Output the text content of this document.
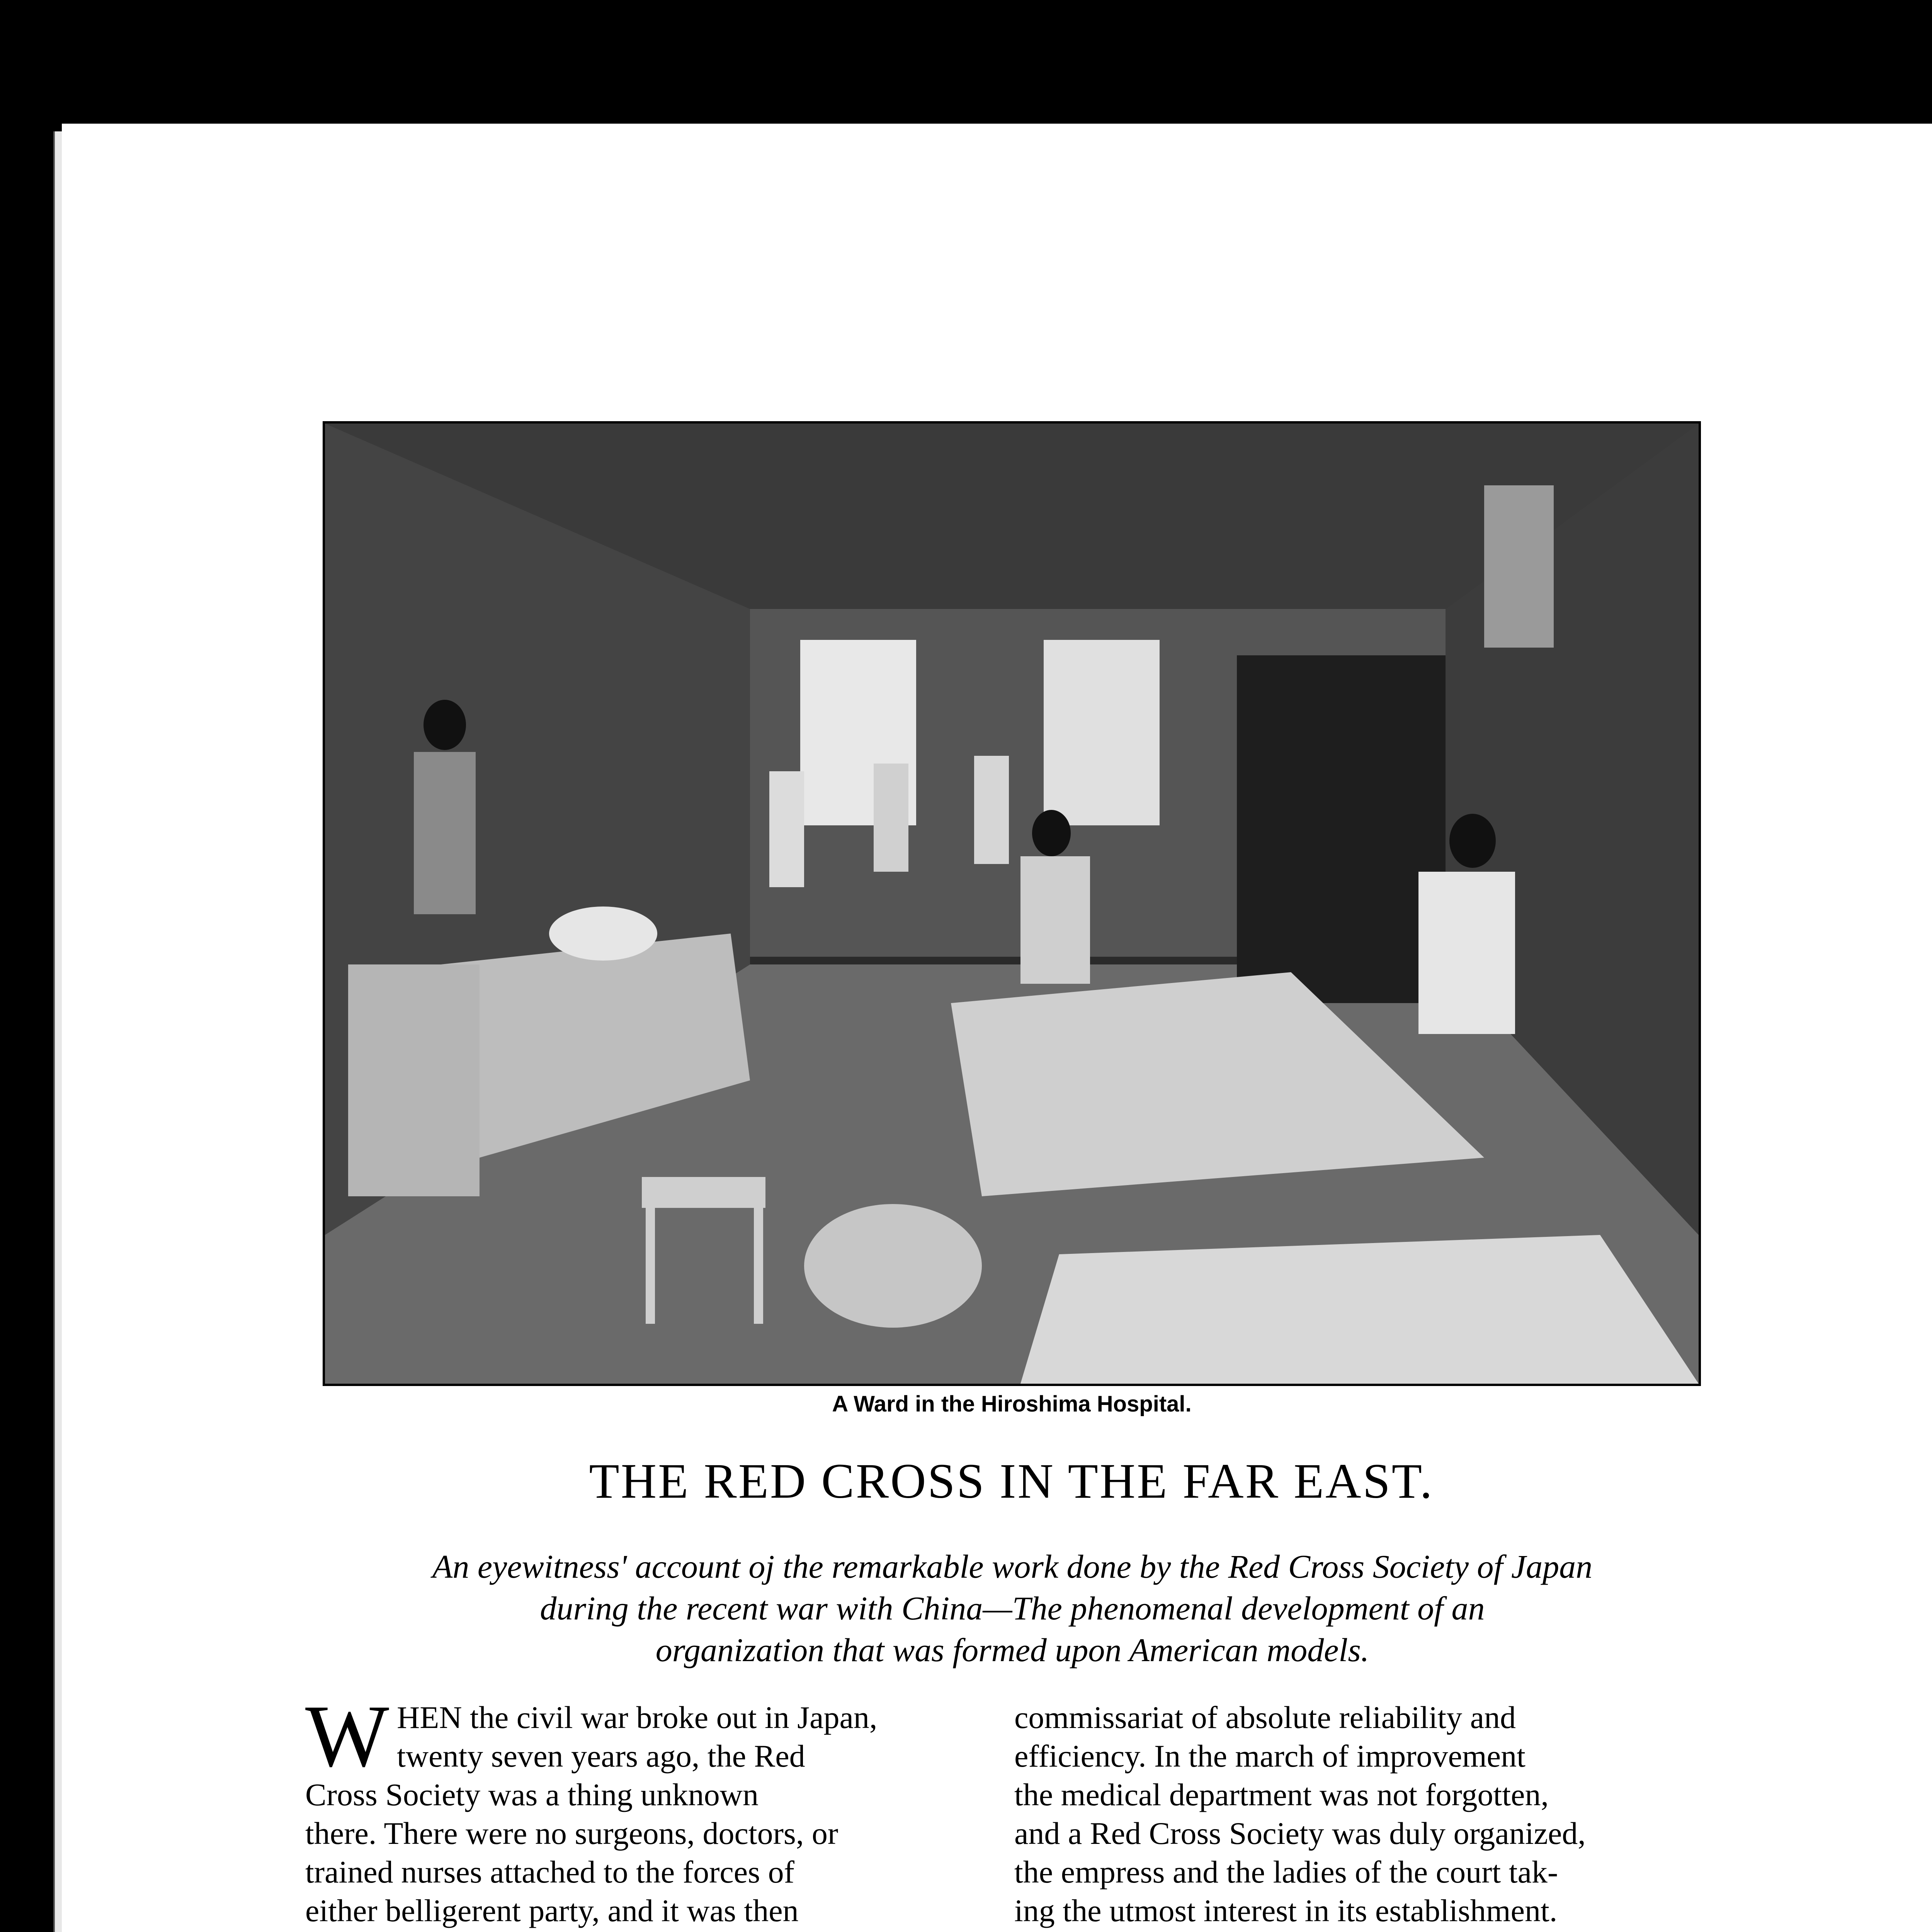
A Ward in the Hiroshima Hospital.
THE RED CROSS IN THE FAR EAST.
An eyewitness' account oj the remarkable work done by the Red Cross Society of Japan
during the recent war with China—The phenomenal development of an
organization that was formed upon American models.
W HEN the civil war broke out in Japan,
twenty seven years ago, the Red
Cross Society was a thing unknown
there. There were no surgeons, doctors, or
trained nurses attached to the forces of
either belligerent party, and it was then
commissariat of absolute reliability and
efficiency. In the march of improvement
the medical department was not forgotten,
and a Red Cross Society was duly organized,
the empress and the ladies of the court tak-
ing the utmost interest in its establishment.
